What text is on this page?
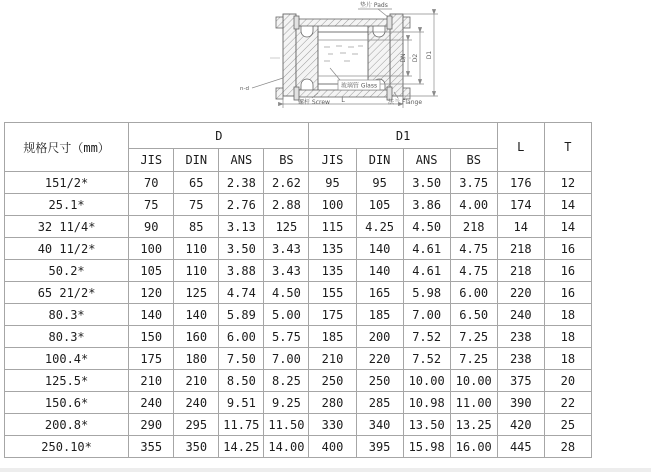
DN D2 D1
L
垫片 Pads
玻璃管 Glass
螺杆 Screw	法兰 Flange
n-d
规格尺寸（mm）	D				D1				L	T
	JIS	DIN	ANS	BS	JIS	DIN	ANS	BS		
151/2*	70	65	2.38	2.62	95	95	3.50	3.75	176	12
25.1*	75	75	2.76	2.88	100	105	3.86	4.00	174	14
32 11/4*	90	85	3.13	125	115	4.25	4.50	218	14	14
40 11/2*	100	110	3.50	3.43	135	140	4.61	4.75	218	16
50.2*	105	110	3.88	3.43	135	140	4.61	4.75	218	16
65 21/2*	120	125	4.74	4.50	155	165	5.98	6.00	220	16
80.3*	140	140	5.89	5.00	175	185	7.00	6.50	240	18
80.3*	150	160	6.00	5.75	185	200	7.52	7.25	238	18
100.4*	175	180	7.50	7.00	210	220	7.52	7.25	238	18
125.5*	210	210	8.50	8.25	250	250	10.00	10.00	375	20
150.6*	240	240	9.51	9.25	280	285	10.98	11.00	390	22
200.8*	290	295	11.75	11.50	330	340	13.50	13.25	420	25
250.10*	355	350	14.25	14.00	400	395	15.98	16.00	445	28
